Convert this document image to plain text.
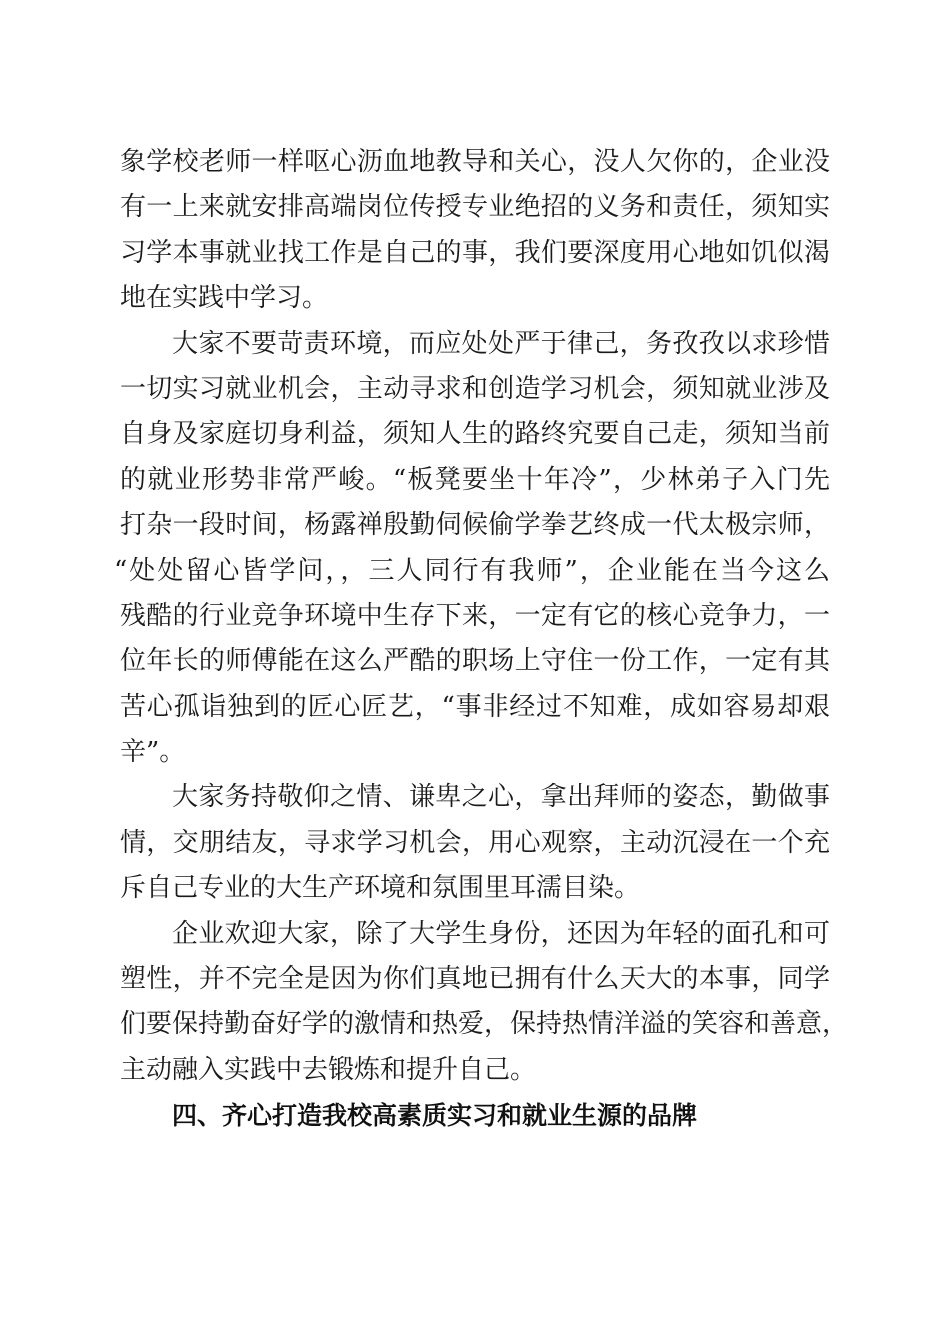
象学校老师一样呕心沥血地教导和关心，没人欠你的，企业没
有一上来就安排高端岗位传授专业绝招的义务和责任，须知实
习学本事就业找工作是自己的事，我们要深度用心地如饥似渴
地在实践中学习。
大家不要苛责环境，而应处处严于律己，务孜孜以求珍惜
一切实习就业机会，主动寻求和创造学习机会，须知就业涉及
自身及家庭切身利益，须知人生的路终究要自己走，须知当前
的就业形势非常严峻。“板凳要坐十年冷”，少林弟子入门先
打杂一段时间，杨露禅殷勤伺候偷学拳艺终成一代太极宗师，
“处处留心皆学问，，三人同行有我师”，企业能在当今这么
残酷的行业竞争环境中生存下来，一定有它的核心竞争力，一
位年长的师傅能在这么严酷的职场上守住一份工作，一定有其
苦心孤诣独到的匠心匠艺，“事非经过不知难，成如容易却艰
辛”。
大家务持敬仰之情、谦卑之心，拿出拜师的姿态，勤做事
情，交朋结友，寻求学习机会，用心观察，主动沉浸在一个充
斥自己专业的大生产环境和氛围里耳濡目染。
企业欢迎大家，除了大学生身份，还因为年轻的面孔和可
塑性，并不完全是因为你们真地已拥有什么天大的本事，同学
们要保持勤奋好学的激情和热爱，保持热情洋溢的笑容和善意，
主动融入实践中去锻炼和提升自己。
四、齐心打造我校高素质实习和就业生源的品牌
